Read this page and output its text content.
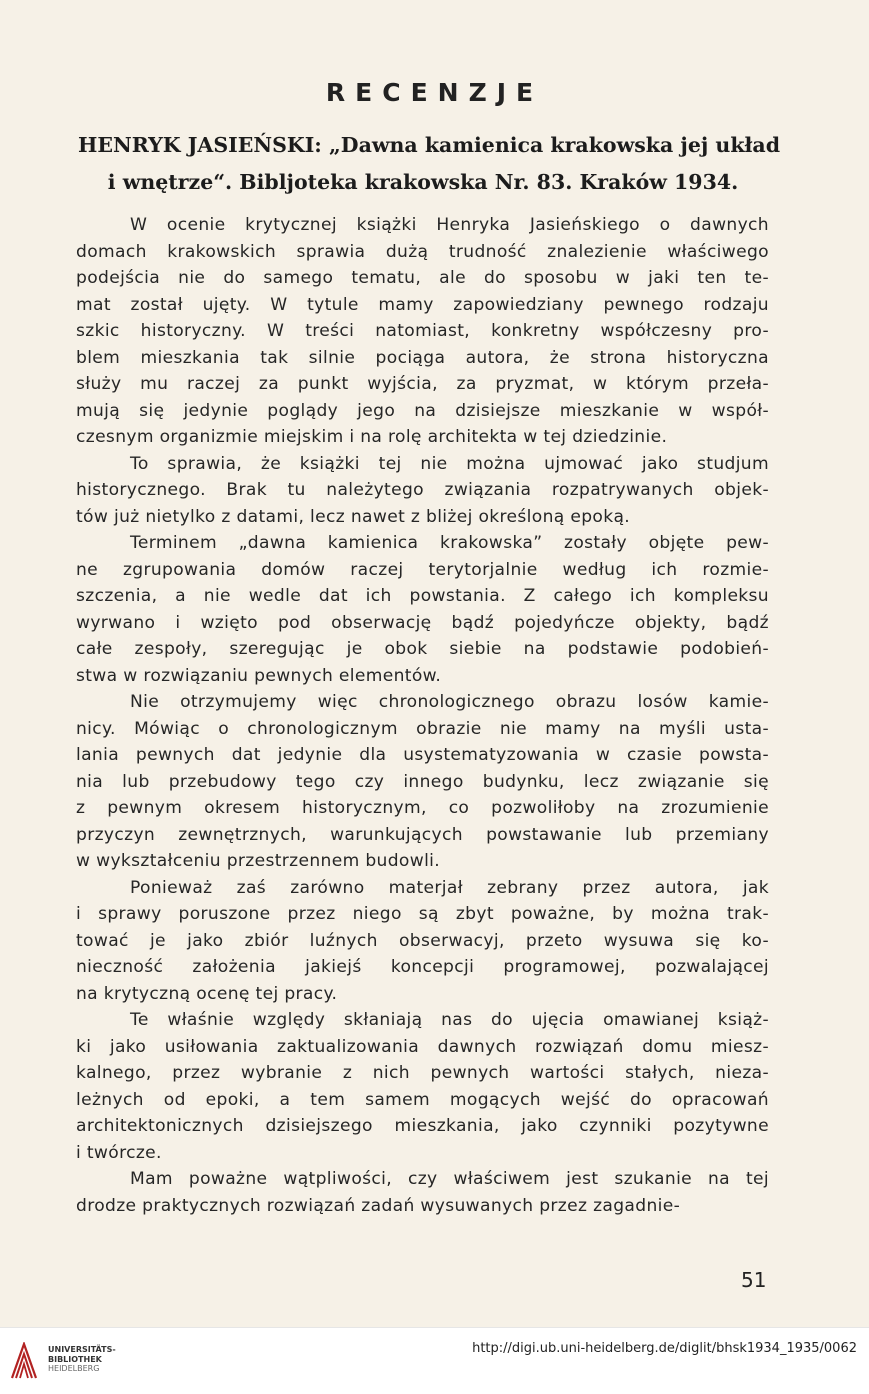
RECENZJE

HENRYK JASIEŃSKI: „Dawna kamienica krakowska jej układ

i wnętrze“. Bibljoteka krakowska Nr. 83. Kraków 1934.

W ocenie krytycznej książki Henryka Jasieńskiego o dawnych
domach krakowskich sprawia dużą trudność znalezienie właściwego
podejścia nie do samego tematu, ale do sposobu w jaki ten te-
mat został ujęty. W tytule mamy zapowiedziany pewnego rodzaju
szkic historyczny. W treści natomiast, konkretny współczesny pro-
blem mieszkania tak silnie pociąga autora, że strona historyczna
służy mu raczej za punkt wyjścia, za pryzmat, w którym przeła-
mują się jedynie poglądy jego na dzisiejsze mieszkanie w współ-
czesnym organizmie miejskim i na rolę architekta w tej dziedzinie.
To sprawia, że książki tej nie można ujmować jako studjum
historycznego. Brak tu należytego związania rozpatrywanych objek-
tów już nietylko z datami, lecz nawet z bliżej określoną epoką.
Terminem „dawna kamienica krakowska” zostały objęte pew-
ne zgrupowania domów raczej terytorjalnie według ich rozmie-
szczenia, a nie wedle dat ich powstania. Z całego ich kompleksu
wyrwano i wzięto pod obserwację bądź pojedyńcze objekty, bądź
całe zespoły, szeregując je obok siebie na podstawie podobień-
stwa w rozwiązaniu pewnych elementów.
Nie otrzymujemy więc chronologicznego obrazu losów kamie-
nicy. Mówiąc o chronologicznym obrazie nie mamy na myśli usta-
lania pewnych dat jedynie dla usystematyzowania w czasie powsta-
nia lub przebudowy tego czy innego budynku, lecz związanie się
z pewnym okresem historycznym, co pozwoliłoby na zrozumienie
przyczyn zewnętrznych, warunkujących powstawanie lub przemiany
w wykształceniu przestrzennem budowli.
Ponieważ zaś zarówno materjał zebrany przez autora, jak
i sprawy poruszone przez niego są zbyt poważne, by można trak-
tować je jako zbiór luźnych obserwacyj, przeto wysuwa się ko-
nieczność założenia jakiejś koncepcji programowej, pozwalającej
na krytyczną ocenę tej pracy.
Te właśnie względy skłaniają nas do ujęcia omawianej książ-
ki jako usiłowania zaktualizowania dawnych rozwiązań domu miesz-
kalnego, przez wybranie z nich pewnych wartości stałych, nieza-
leżnych od epoki, a tem samem mogących wejść do opracowań
architektonicznych dzisiejszego mieszkania, jako czynniki pozytywne
i twórcze.
Mam poważne wątpliwości, czy właściwem jest szukanie na tej
drodze praktycznych rozwiązań zadań wysuwanych przez zagadnie-

51

UNIVERSITÄTS-
BIBLIOTHEK
HEIDELBERG
http://digi.ub.uni-heidelberg.de/diglit/bhsk1934_1935/0062
